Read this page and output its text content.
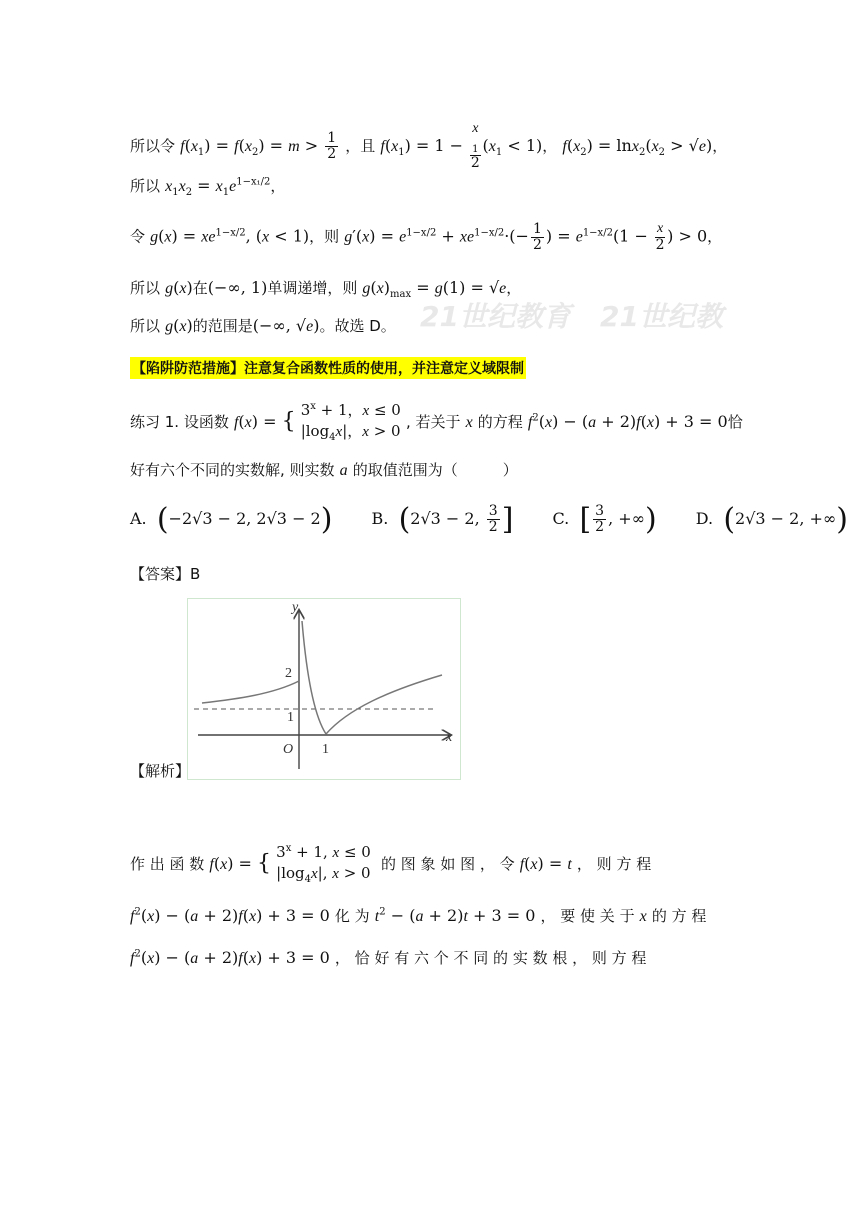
21世纪教
21世纪教育
所以令 $f(x_1) = f(x_2) = m > \frac{1}{2}$ ，且 $f(x_1) = 1 - x$
$_1$
2 $(x_1 < 1)$， $f(x_2) = \ln x_2(x_2 > √e)$，
所以 $x_1x_2 = x_1e^{1-x_1/2}$，
令 $g(x) = xe^{1-x/2}$, (x < 1)，则 $g'(x) = e^{1-x/2} + xe^{1-x/2}\cdot(- \frac{1}{2}$ ) = $e^{1-x/2}(1 - \frac{x}{2}$ ) > 0，
所以 g(x)在(−∞, 1)单调递增，则 $g(x)_{max} = g(1) = √e$，
所以 g(x)的范围是(−∞, √e)。故选 D。
【陷阱防范措施】注意复合函数性质的使用，并注意定义域限制
练习 1. 设函数 f(x) = { $3^x + 1$，x ≤ 0
$|\log_4x|$，x > 0 , 若关于 x 的方程 $f^2(x) - (a + 2)f(x) + 3 = 0$恰
好有六个不同的实数解, 则实数 a 的取值范围为（　　　）
A. (−2√3 − 2, 2√3 − 2) B. (2√3 − 2, $\frac{3}{2}$ ] C. [ $\frac{3}{2}$ , +∞) D. (2√3 − 2, +∞)
【答案】B
y
x
O
2
1
1
【解析】
作 出 函 数 f(x) = { $3^x + 1$, x ≤ 0
$|\log_4x|$, x > 0  的 图 象 如 图 ， 令 f(x) = t ， 则 方 程
$f^2(x) - (a + 2)f(x) + 3 = 0$ 化 为 $t^2 - (a + 2)t + 3 = 0$ ， 要 使 关 于 x 的 方 程
$f^2(x) - (a + 2)f(x) + 3 = 0$ ， 恰 好 有 六 个 不 同 的 实 数 根 ， 则 方 程
